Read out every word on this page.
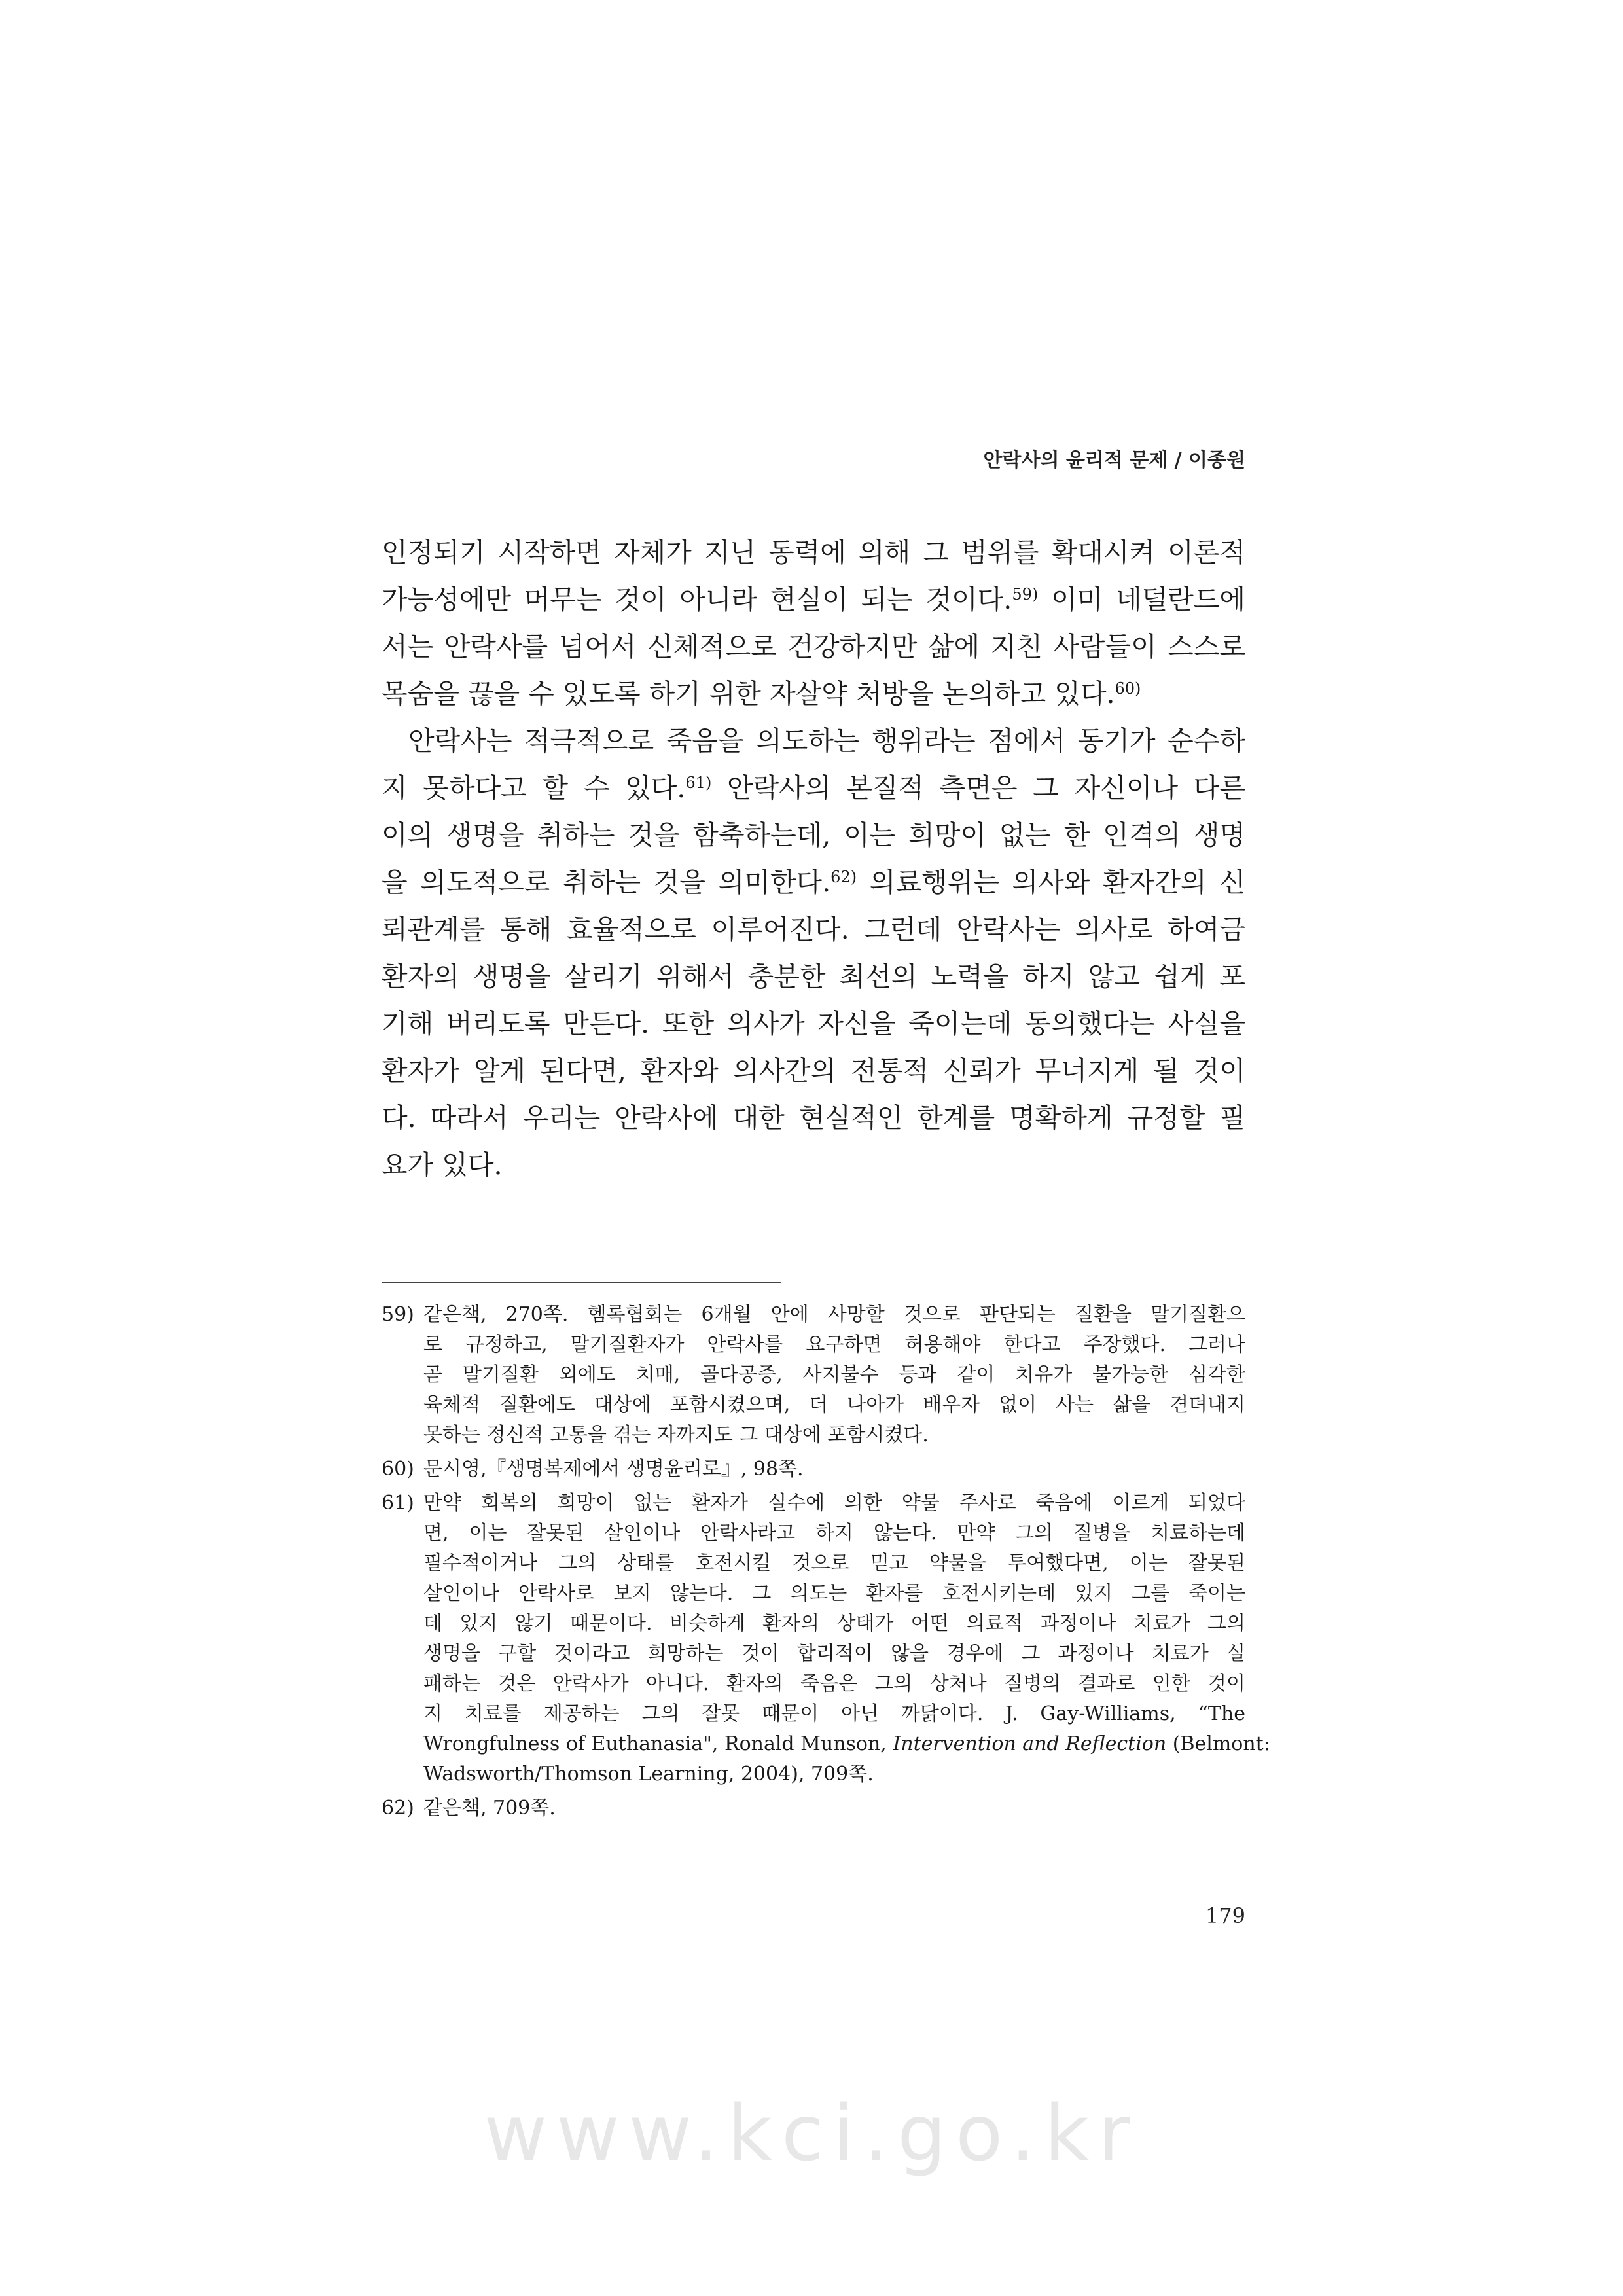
안락사의 윤리적 문제 / 이종원

인정되기 시작하면 자체가 지닌 동력에 의해 그 범위를 확대시켜 이론적
가능성에만 머무는 것이 아니라 현실이 되는 것이다.$^{59)}$ 이미 네덜란드에
서는 안락사를 넘어서 신체적으로 건강하지만 삶에 지친 사람들이 스스로
목숨을 끊을 수 있도록 하기 위한 자살약 처방을 논의하고 있다.$^{60)}$

안락사는 적극적으로 죽음을 의도하는 행위라는 점에서 동기가 순수하
지 못하다고 할 수 있다.$^{61)}$ 안락사의 본질적 측면은 그 자신이나 다른
이의 생명을 취하는 것을 함축하는데, 이는 희망이 없는 한 인격의 생명
을 의도적으로 취하는 것을 의미한다.$^{62)}$ 의료행위는 의사와 환자간의 신
뢰관계를 통해 효율적으로 이루어진다. 그런데 안락사는 의사로 하여금
환자의 생명을 살리기 위해서 충분한 최선의 노력을 하지 않고 쉽게 포
기해 버리도록 만든다. 또한 의사가 자신을 죽이는데 동의했다는 사실을
환자가 알게 된다면, 환자와 의사간의 전통적 신뢰가 무너지게 될 것이
다. 따라서 우리는 안락사에 대한 현실적인 한계를 명확하게 규정할 필
요가 있다.

59) 같은책, 270쪽. 헴록협회는 6개월 안에 사망할 것으로 판단되는 질환을 말기질환으
로 규정하고, 말기질환자가 안락사를 요구하면 허용해야 한다고 주장했다. 그러나
곧 말기질환 외에도 치매, 골다공증, 사지불수 등과 같이 치유가 불가능한 심각한
육체적 질환에도 대상에 포함시켰으며, 더 나아가 배우자 없이 사는 삶을 견뎌내지
못하는 정신적 고통을 겪는 자까지도 그 대상에 포함시켰다.
60) 문시영,『생명복제에서 생명윤리로』, 98쪽.
61) 만약 회복의 희망이 없는 환자가 실수에 의한 약물 주사로 죽음에 이르게 되었다
면, 이는 잘못된 살인이나 안락사라고 하지 않는다. 만약 그의 질병을 치료하는데
필수적이거나 그의 상태를 호전시킬 것으로 믿고 약물을 투여했다면, 이는 잘못된
살인이나 안락사로 보지 않는다. 그 의도는 환자를 호전시키는데 있지 그를 죽이는
데 있지 않기 때문이다. 비슷하게 환자의 상태가 어떤 의료적 과정이나 치료가 그의
생명을 구할 것이라고 희망하는 것이 합리적이 않을 경우에 그 과정이나 치료가 실
패하는 것은 안락사가 아니다. 환자의 죽음은 그의 상처나 질병의 결과로 인한 것이
지 치료를 제공하는 그의 잘못 때문이 아닌 까닭이다. J. Gay-Williams, “The
Wrongfulness of Euthanasia", Ronald Munson, Intervention and Reflection (Belmont:
Wadsworth/Thomson Learning, 2004), 709쪽.
62) 같은책, 709쪽.
179
www.kci.go.kr
